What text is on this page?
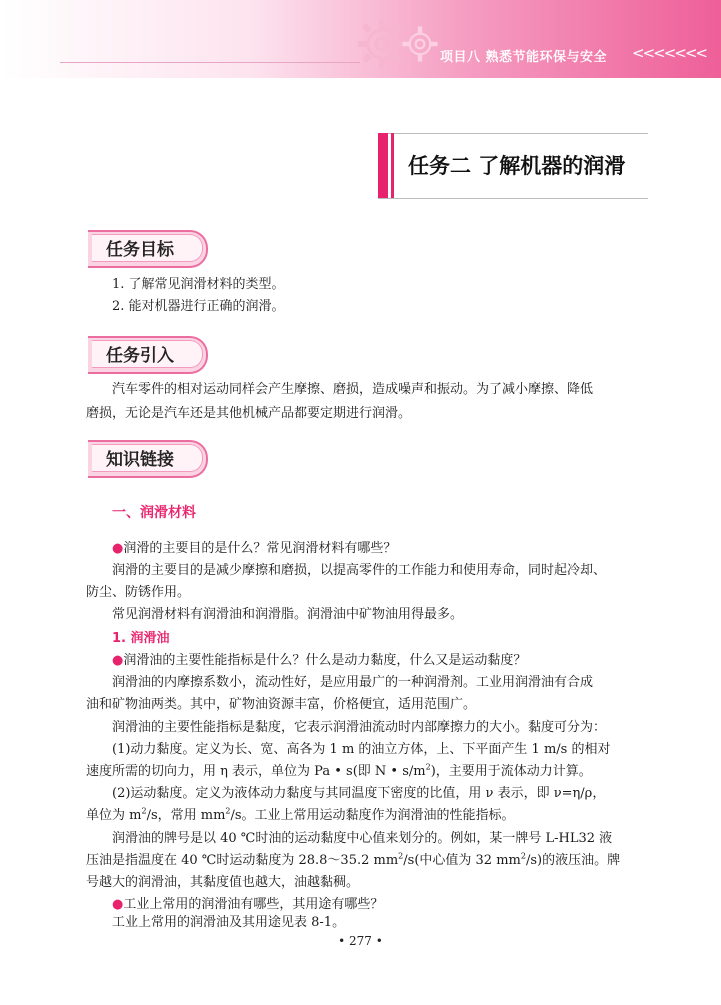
项目八 熟悉节能环保与安全 <<<<<<<
任务二 了解机器的润滑
任务目标
1. 了解常见润滑材料的类型。
2. 能对机器进行正确的润滑。
任务引入
汽车零件的相对运动同样会产生摩擦、磨损，造成噪声和振动。为了减小摩擦、降低
磨损，无论是汽车还是其他机械产品都要定期进行润滑。
知识链接
一、润滑材料
●润滑的主要目的是什么？常见润滑材料有哪些？
润滑的主要目的是减少摩擦和磨损，以提高零件的工作能力和使用寿命，同时起冷却、
防尘、防锈作用。
常见润滑材料有润滑油和润滑脂。润滑油中矿物油用得最多。
1. 润滑油
●润滑油的主要性能指标是什么？什么是动力黏度，什么又是运动黏度？
润滑油的内摩擦系数小，流动性好，是应用最广的一种润滑剂。工业用润滑油有合成
油和矿物油两类。其中，矿物油资源丰富，价格便宜，适用范围广。
润滑油的主要性能指标是黏度，它表示润滑油流动时内部摩擦力的大小。黏度可分为：
(1)动力黏度。定义为长、宽、高各为 1 m 的油立方体，上、下平面产生 1 m/s 的相对
速度所需的切向力，用 η 表示，单位为 Pa • s(即 N • $s/m^2$)，主要用于流体动力计算。
(2)运动黏度。定义为液体动力黏度与其同温度下密度的比值，用 ν 表示，即 ν=η/ρ，
单位为 $m^2/s$，常用 $mm^2/s$。工业上常用运动黏度作为润滑油的性能指标。
润滑油的牌号是以 40 ℃时油的运动黏度中心值来划分的。例如，某一牌号 L-HL32 液
压油是指温度在 40 ℃时运动黏度为 28.8～35.2 $mm^2/s$(中心值为 32 $mm^2/s$)的液压油。牌
号越大的润滑油，其黏度值也越大，油越黏稠。
●工业上常用的润滑油有哪些，其用途有哪些？
工业上常用的润滑油及其用途见表 8-1。
• 277 •
